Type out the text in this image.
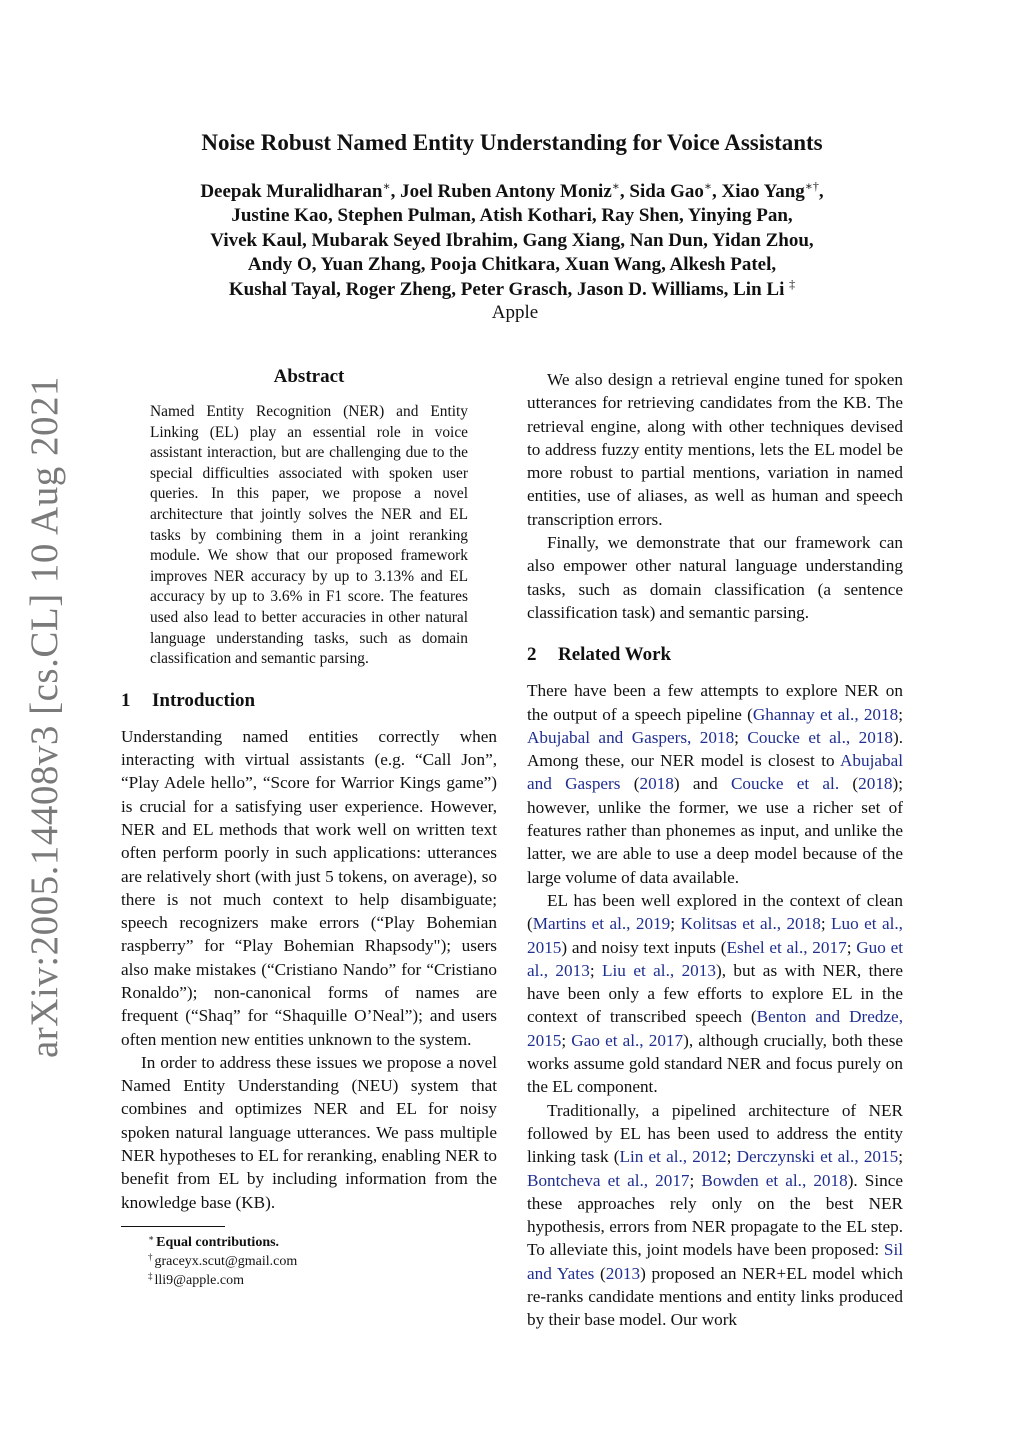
arXiv:2005.14408v3 [cs.CL] 10 Aug 2021
Noise Robust Named Entity Understanding for Voice Assistants
Deepak Muralidharan∗, Joel Ruben Antony Moniz∗, Sida Gao∗, Xiao Yang∗†,
Justine Kao, Stephen Pulman, Atish Kothari, Ray Shen, Yinying Pan,
Vivek Kaul, Mubarak Seyed Ibrahim, Gang Xiang, Nan Dun, Yidan Zhou,
Andy O, Yuan Zhang, Pooja Chitkara, Xuan Wang, Alkesh Patel,
Kushal Tayal, Roger Zheng, Peter Grasch, Jason D. Williams, Lin Li ‡
Apple
Abstract
Named Entity Recognition (NER) and Entity Linking (EL) play an essential role in voice assistant interaction, but are challenging due to the special difficulties associated with spoken user queries. In this paper, we propose a novel architecture that jointly solves the NER and EL tasks by combining them in a joint reranking module. We show that our proposed framework improves NER accuracy by up to 3.13% and EL accuracy by up to 3.6% in F1 score. The features used also lead to better accuracies in other natural language understanding tasks, such as domain classification and semantic parsing.
1 Introduction

Understanding named entities correctly when interacting with virtual assistants (e.g. “Call Jon”, “Play Adele hello”, “Score for Warrior Kings game”) is crucial for a satisfying user experience. However, NER and EL methods that work well on written text often perform poorly in such applications: utterances are relatively short (with just 5 tokens, on average), so there is not much context to help disambiguate; speech recognizers make errors (“Play Bohemian raspberry” for “Play Bohemian Rhapsody"); users also make mistakes (“Cristiano Nando” for “Cristiano Ronaldo”); non-canonical forms of names are frequent (“Shaq” for “Shaquille O’Neal”); and users often mention new entities unknown to the system.

In order to address these issues we propose a novel Named Entity Understanding (NEU) system that combines and optimizes NER and EL for noisy spoken natural language utterances. We pass multiple NER hypotheses to EL for reranking, enabling NER to benefit from EL by including information from the knowledge base (KB).

∗ Equal contributions.
† graceyx.scut@gmail.com
‡ lli9@apple.com

We also design a retrieval engine tuned for spoken utterances for retrieving candidates from the KB. The retrieval engine, along with other techniques devised to address fuzzy entity mentions, lets the EL model be more robust to partial mentions, variation in named entities, use of aliases, as well as human and speech transcription errors.

Finally, we demonstrate that our framework can also empower other natural language understanding tasks, such as domain classification (a sentence classification task) and semantic parsing.

2 Related Work

There have been a few attempts to explore NER on the output of a speech pipeline (Ghannay et al., 2018; Abujabal and Gaspers, 2018; Coucke et al., 2018). Among these, our NER model is closest to Abujabal and Gaspers (2018) and Coucke et al. (2018); however, unlike the former, we use a richer set of features rather than phonemes as input, and unlike the latter, we are able to use a deep model because of the large volume of data available.

EL has been well explored in the context of clean (Martins et al., 2019; Kolitsas et al., 2018; Luo et al., 2015) and noisy text inputs (Eshel et al., 2017; Guo et al., 2013; Liu et al., 2013), but as with NER, there have been only a few efforts to explore EL in the context of transcribed speech (Benton and Dredze, 2015; Gao et al., 2017), although crucially, both these works assume gold standard NER and focus purely on the EL component.

Traditionally, a pipelined architecture of NER followed by EL has been used to address the entity linking task (Lin et al., 2012; Derczynski et al., 2015; Bontcheva et al., 2017; Bowden et al., 2018). Since these approaches rely only on the best NER hypothesis, errors from NER propagate to the EL step. To alleviate this, joint models have been proposed: Sil and Yates (2013) proposed an NER+EL model which re-ranks candidate mentions and entity links produced by their base model. Our work
